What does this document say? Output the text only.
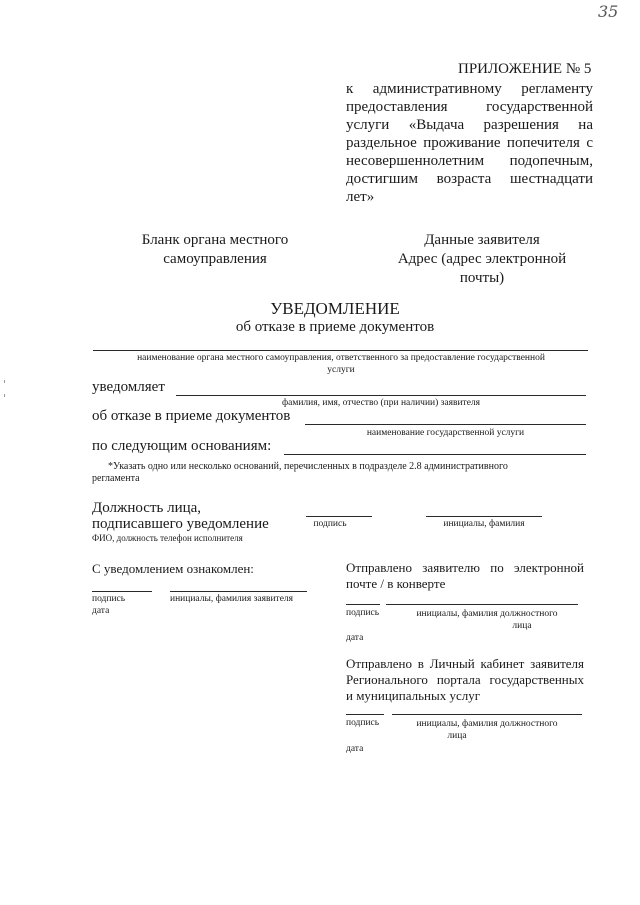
35
ПРИЛОЖЕНИЕ № 5
к административному регламенту
предоставления государственной
услуги «Выдача разрешения на
раздельное проживание попечителя с
несовершеннолетним подопечным,
достигшим возраста шестнадцати
лет»
Бланк органа местного
самоуправления
Данные заявителя
Адрес (адрес электронной
почты)
УВЕДОМЛЕНИЕ
об отказе в приеме документов
наименование органа местного самоуправления, ответственного за предоставление государственной
услуги
уведомляет
фамилия, имя, отчество (при наличии) заявителя
об отказе в приеме документов
наименование государственной услуги
по следующим основаниям:
*Указать одно или несколько оснований, перечисленных в подразделе 2.8 административного
регламента
Должность лица,
подписавшего уведомление
ФИО, должность телефон исполнителя
подпись	инициалы, фамилия
С уведомлением ознакомлен:
подпись	инициалы, фамилия заявителя
дата
Отправлено заявителю по электронной
почте / в конверте
подпись	инициалы, фамилия должностного
лица
дата
Отправлено в Личный кабинет заявителя
Регионального портала государственных
и муниципальных услуг
подпись	инициалы, фамилия должностного
лица
дата
